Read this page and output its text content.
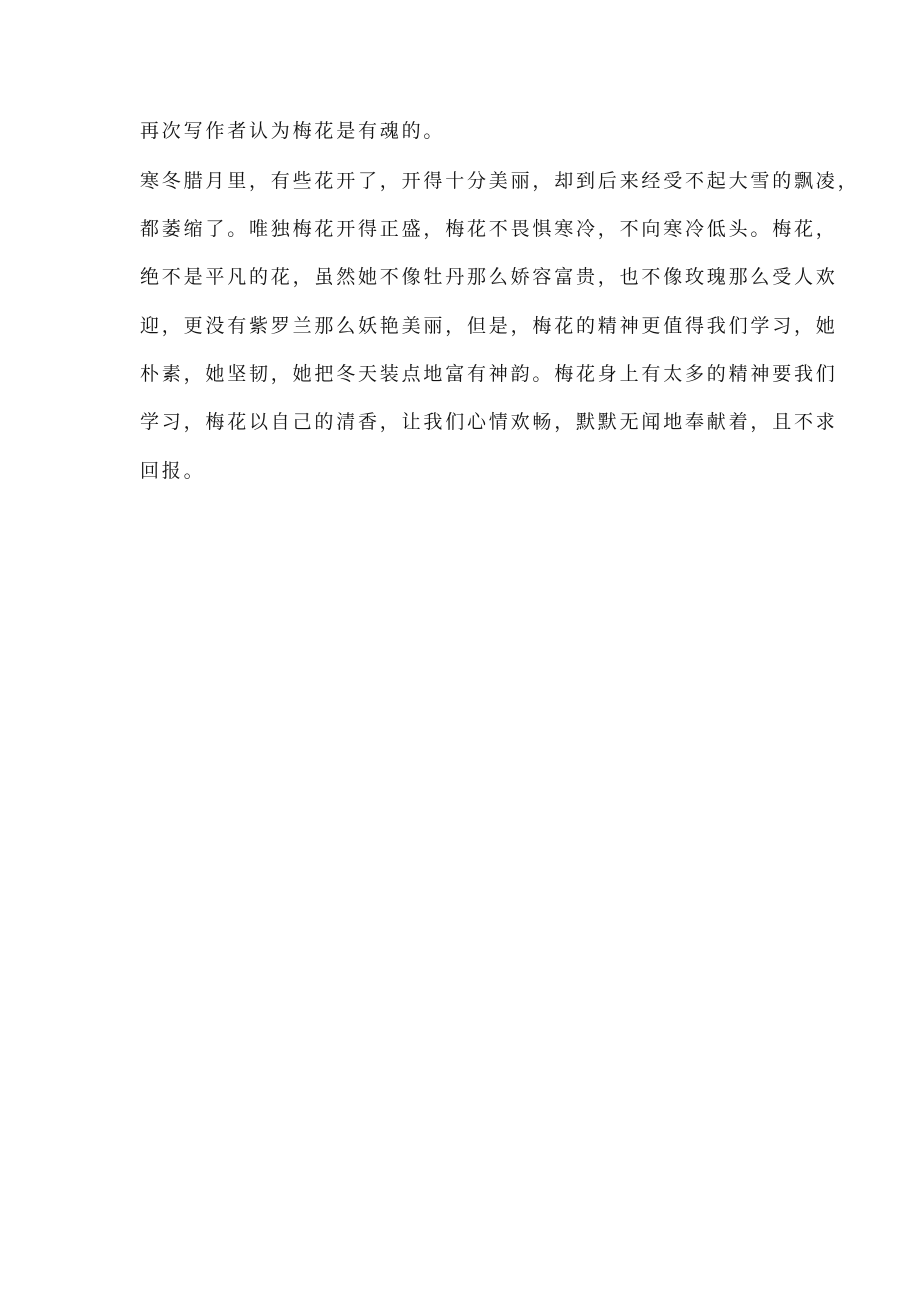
再次写作者认为梅花是有魂的。

寒冬腊月里，有些花开了，开得十分美丽，却到后来经受不起大雪的飘凌，

都萎缩了。唯独梅花开得正盛，梅花不畏惧寒冷，不向寒冷低头。梅花，

绝不是平凡的花，虽然她不像牡丹那么娇容富贵，也不像玫瑰那么受人欢

迎，更没有紫罗兰那么妖艳美丽，但是，梅花的精神更值得我们学习，她

朴素，她坚韧，她把冬天装点地富有神韵。梅花身上有太多的精神要我们

学习，梅花以自己的清香，让我们心情欢畅，默默无闻地奉献着，且不求

回报。
